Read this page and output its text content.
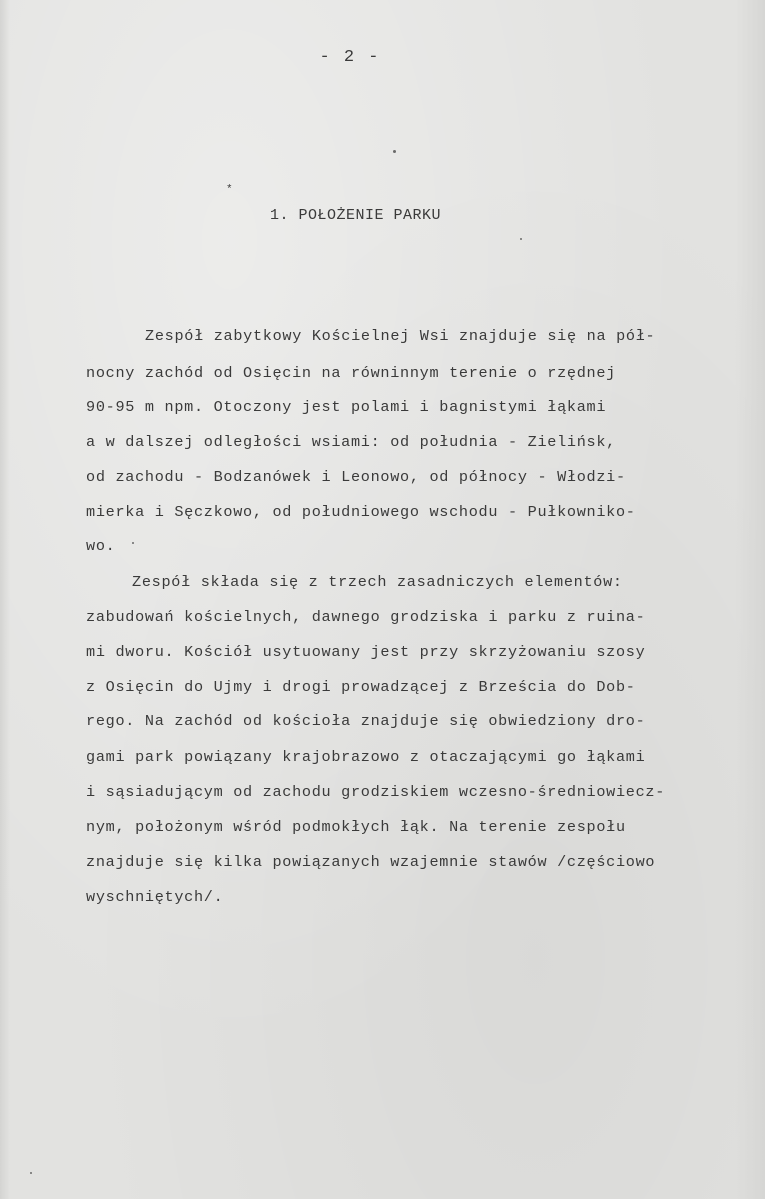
- 2 -

*
1. POŁOŻENIE PARKU

Zespół zabytkowy Kościelnej Wsi znajduje się na pół-
nocny zachód od Osięcin na równinnym terenie o rzędnej
90-95 m npm. Otoczony jest polami i bagnistymi łąkami
a w dalszej odległości wsiami: od południa - Zielińsk,
od zachodu - Bodzanówek i Leonowo, od północy - Włodzi-
mierka i Sęczkowo, od południowego wschodu - Pułkowniko-
wo.
Zespół składa się z trzech zasadniczych elementów:
zabudowań kościelnych, dawnego grodziska i parku z ruina-
mi dworu. Kościół usytuowany jest przy skrzyżowaniu szosy
z Osięcin do Ujmy i drogi prowadzącej z Brześcia do Dob-
rego. Na zachód od kościoła znajduje się obwiedziony dro-
gami park powiązany krajobrazowo z otaczającymi go łąkami
i sąsiadującym od zachodu grodziskiem wczesno-średniowiecz-
nym, położonym wśród podmokłych łąk. Na terenie zespołu
znajduje się kilka powiązanych wzajemnie stawów /częściowo
wyschniętych/.
